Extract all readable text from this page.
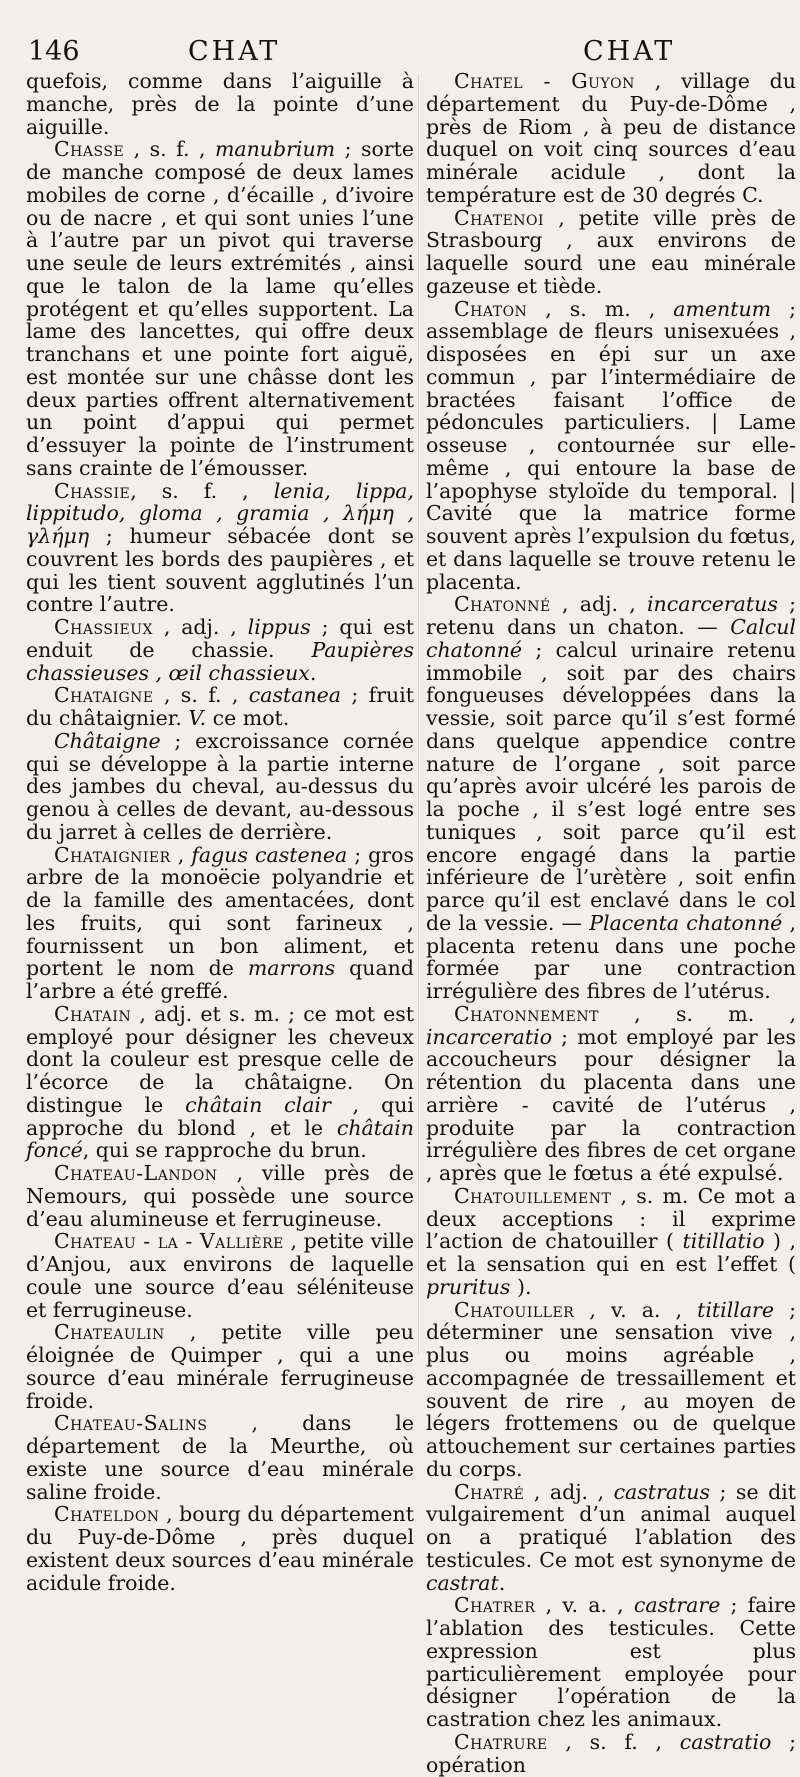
146	CHAT	CHAT

quefois, comme dans l’aiguille à manche, près de la pointe d’une aiguille.

Chasse , s. f. , manubrium ; sorte de manche composé de deux lames mobiles de corne , d’écaille , d’ivoire ou de nacre , et qui sont unies l’une à l’autre par un pivot qui traverse une seule de leurs extrémités , ainsi que le talon de la lame qu’elles protégent et qu’elles supportent. La lame des lancettes, qui offre deux tranchans et une pointe fort aiguë, est montée sur une châsse dont les deux parties offrent alternativement un point d’appui qui permet d’essuyer la pointe de l’instrument sans crainte de l’émousser.

Chassie, s. f. , lenia, lippa, lippitudo, gloma , gramia , λήμη , γλήμη ; humeur sébacée dont se couvrent les bords des paupières , et qui les tient souvent agglutinés l’un contre l’autre.

Chassieux , adj. , lippus ; qui est enduit de chassie. Paupières chassieuses , œil chassieux.

Chataigne , s. f. , castanea ; fruit du châtaignier. V. ce mot.

Châtaigne ; excroissance cornée qui se développe à la partie interne des jambes du cheval, au-dessus du genou à celles de devant, au-dessous du jarret à celles de derrière.

Chataignier , fagus castenea ; gros arbre de la monoëcie polyandrie et de la famille des amentacées, dont les fruits, qui sont farineux , fournissent un bon aliment, et portent le nom de marrons quand l’arbre a été greffé.

Chatain , adj. et s. m. ; ce mot est employé pour désigner les cheveux dont la couleur est presque celle de l’écorce de la châtaigne. On distingue le châtain clair , qui approche du blond , et le châtain foncé, qui se rapproche du brun.

Chateau-Landon , ville près de Nemours, qui possède une source d’eau alumineuse et ferrugineuse.

Chateau - la - Vallière , petite ville d’Anjou, aux environs de laquelle coule une source d’eau séléniteuse et ferrugineuse.

Chateaulin , petite ville peu éloignée de Quimper , qui a une source d’eau minérale ferrugineuse froide.

Chateau-Salins , dans le département de la Meurthe, où existe une source d’eau minérale saline froide.

Chateldon , bourg du département du Puy-de-Dôme , près duquel existent deux sources d’eau minérale acidule froide.

Chatel - Guyon , village du département du Puy-de-Dôme , près de Riom , à peu de distance duquel on voit cinq sources d’eau minérale acidule , dont la température est de 30 degrés C.

Chatenoi , petite ville près de Strasbourg , aux environs de laquelle sourd une eau minérale gazeuse et tiède.

Chaton , s. m. , amentum ; assemblage de fleurs unisexuées , disposées en épi sur un axe commun , par l’intermédiaire de bractées faisant l’office de pédoncules particuliers. | Lame osseuse , contournée sur elle-même , qui entoure la base de l’apophyse styloïde du temporal. | Cavité que la matrice forme souvent après l’expulsion du fœtus, et dans laquelle se trouve retenu le placenta.

Chatonné , adj. , incarceratus ; retenu dans un chaton. — Calcul chatonné ; calcul urinaire retenu immobile , soit par des chairs fongueuses développées dans la vessie, soit parce qu’il s’est formé dans quelque appendice contre nature de l’organe , soit parce qu’après avoir ulcéré les parois de la poche , il s’est logé entre ses tuniques , soit parce qu’il est encore engagé dans la partie inférieure de l’urètère , soit enfin parce qu’il est enclavé dans le col de la vessie. — Placenta chatonné , placenta retenu dans une poche formée par une contraction irrégulière des fibres de l’utérus.

Chatonnement , s. m. , incarceratio ; mot employé par les accoucheurs pour désigner la rétention du placenta dans une arrière - cavité de l’utérus , produite par la contraction irrégulière des fibres de cet organe , après que le fœtus a été expulsé.

Chatouillement , s. m. Ce mot a deux acceptions : il exprime l’action de chatouiller ( titillatio ) , et la sensation qui en est l’effet ( pruritus ).

Chatouiller , v. a. , titillare ; déterminer une sensation vive , plus ou moins agréable , accompagnée de tressaillement et souvent de rire , au moyen de légers frottemens ou de quelque attouchement sur certaines parties du corps.

Chatré , adj. , castratus ; se dit vulgairement d’un animal auquel on a pratiqué l’ablation des testicules. Ce mot est synonyme de castrat.

Chatrer , v. a. , castrare ; faire l’ablation des testicules. Cette expression est plus particulièrement employée pour désigner l’opération de la castration chez les animaux.

Chatrure , s. f. , castratio ; opération
